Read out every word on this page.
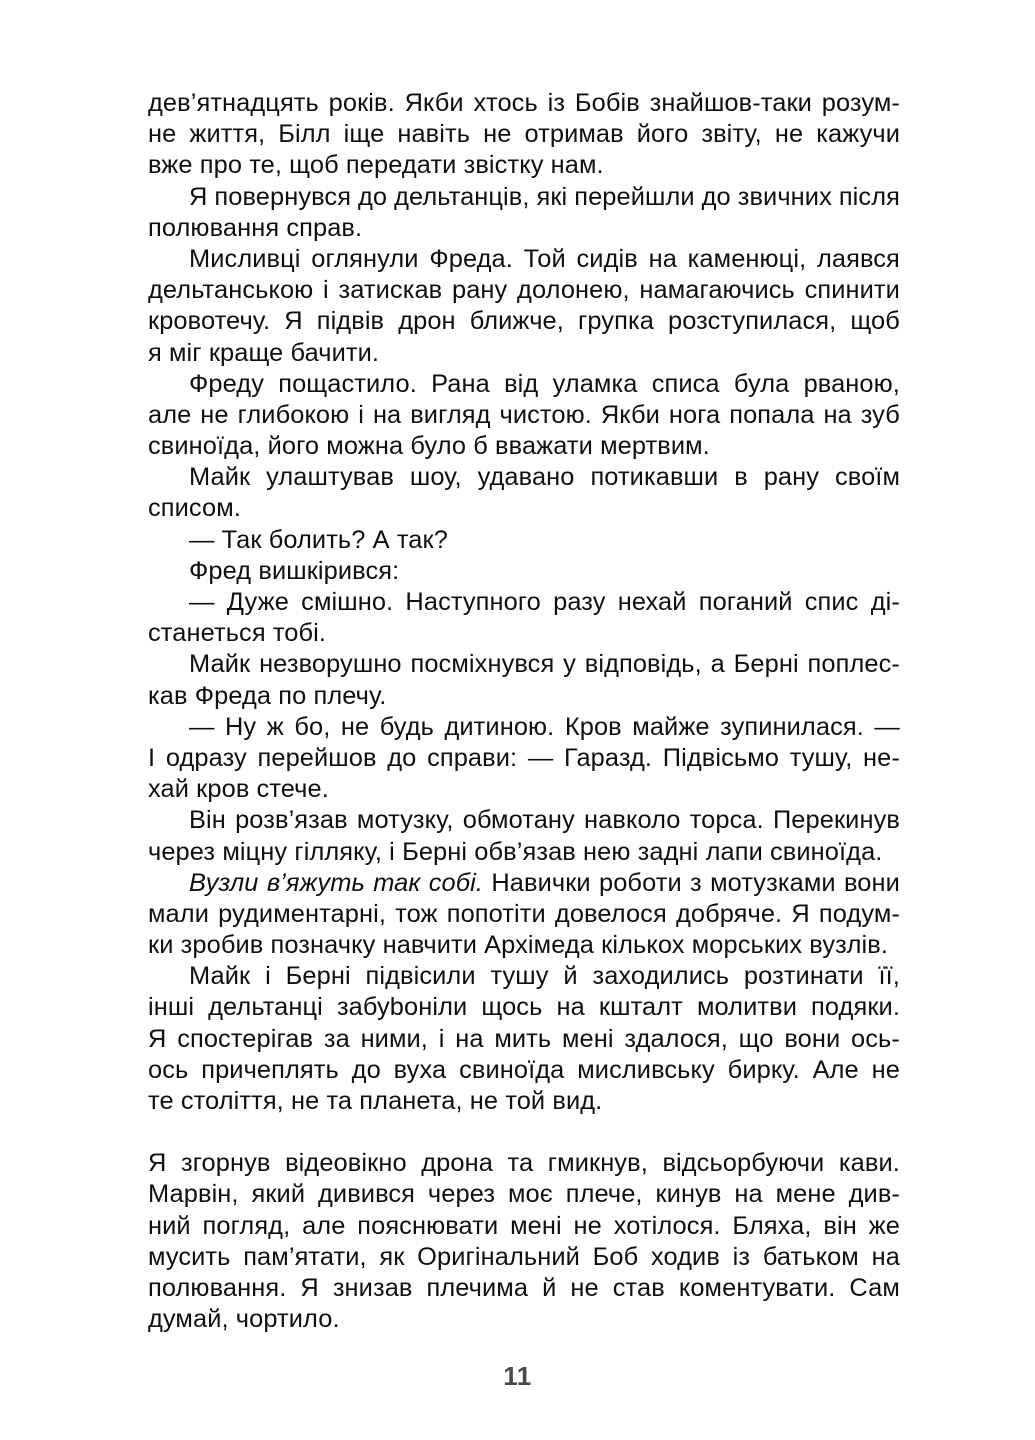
дев’ятнадцять років. Якби хтось із Бобів знайшов-таки розум-
не життя, Білл іще навіть не отримав його звіту, не кажучи
вже про те, щоб передати звістку нам.
Я повернувся до дельтанців, які перейшли до звичних після
полювання справ.
Мисливці оглянули Фреда. Той сидів на каменюці, лаявся
дельтанською і затискав рану долонею, намагаючись спинити
кровотечу. Я підвів дрон ближче, групка розступилася, щоб
я міг краще бачити.
Фреду пощастило. Рана від уламка списа була рваною,
але не глибокою і на вигляд чистою. Якби нога попала на зуб
свиноїда, його можна було б вважати мертвим.
Майк улаштував шоу, удавано потикавши в рану своїм
списом.
— Так болить? А так?
Фред вишкірився:
— Дуже смішно. Наступного разу нехай поганий спис ді-
станеться тобі.
Майк незворушно посміхнувся у відповідь, а Берні поплес-
кав Фреда по плечу.
— Ну ж бо, не будь дитиною. Кров майже зупинилася. —
І одразу перейшов до справи: — Гаразд. Підвісьмо тушу, не-
хай кров стече.
Він розв’язав мотузку, обмотану навколо торса. Перекинув
через міцну гілляку, і Берні обв’язав нею задні лапи свиноїда.
Вузли в’яжуть так собі. Навички роботи з мотузками вони
мали рудиментарні, тож попотіти довелося добряче. Я подум-
ки зробив позначку навчити Архімеда кількох морських вузлів.
Майк і Берні підвісили тушу й заходились розтинати її,
інші дельтанці забуboніли щось на кшталт молитви подяки.
Я спостерігав за ними, і на мить мені здалося, що вони ось-
ось причеплять до вуха свиноїда мисливську бирку. Але не
те століття, не та планета, не той вид.
Я згорнув відеовікно дрона та гмикнув, відсьорбуючи кави.
Марвін, який дивився через моє плече, кинув на мене див-
ний погляд, але пояснювати мені не хотілося. Бляха, він же
мусить пам’ятати, як Оригінальний Боб ходив із батьком на
полювання. Я знизав плечима й не став коментувати. Сам
думай, чортило.
11
